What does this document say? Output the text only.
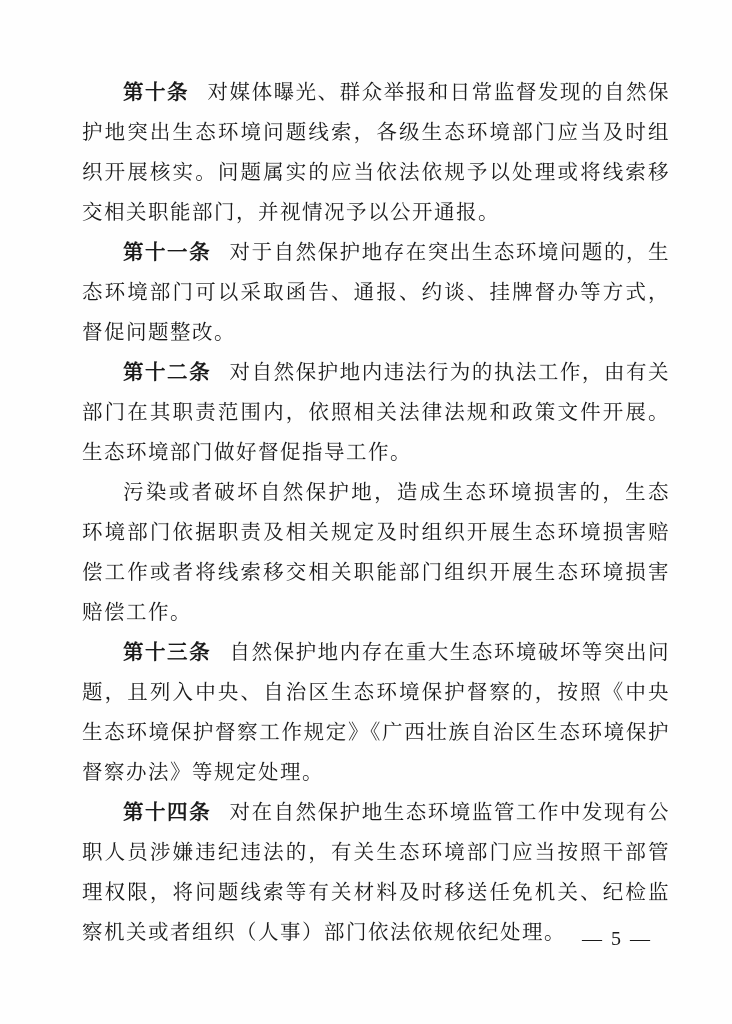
第十条 对媒体曝光、群众举报和日常监督发现的自然保护地突出生态环境问题线索，各级生态环境部门应当及时组织开展核实。问题属实的应当依法依规予以处理或将线索移交相关职能部门，并视情况予以公开通报。

第十一条 对于自然保护地存在突出生态环境问题的，生态环境部门可以采取函告、通报、约谈、挂牌督办等方式，督促问题整改。

第十二条 对自然保护地内违法行为的执法工作，由有关部门在其职责范围内，依照相关法律法规和政策文件开展。生态环境部门做好督促指导工作。

污染或者破坏自然保护地，造成生态环境损害的，生态环境部门依据职责及相关规定及时组织开展生态环境损害赔偿工作或者将线索移交相关职能部门组织开展生态环境损害赔偿工作。

第十三条 自然保护地内存在重大生态环境破坏等突出问题，且列入中央、自治区生态环境保护督察的，按照《中央生态环境保护督察工作规定》《广西壮族自治区生态环境保护督察办法》等规定处理。

第十四条 对在自然保护地生态环境监管工作中发现有公职人员涉嫌违纪违法的，有关生态环境部门应当按照干部管理权限，将问题线索等有关材料及时移送任免机关、纪检监察机关或者组织（人事）部门依法依规依纪处理。 — 5 —
